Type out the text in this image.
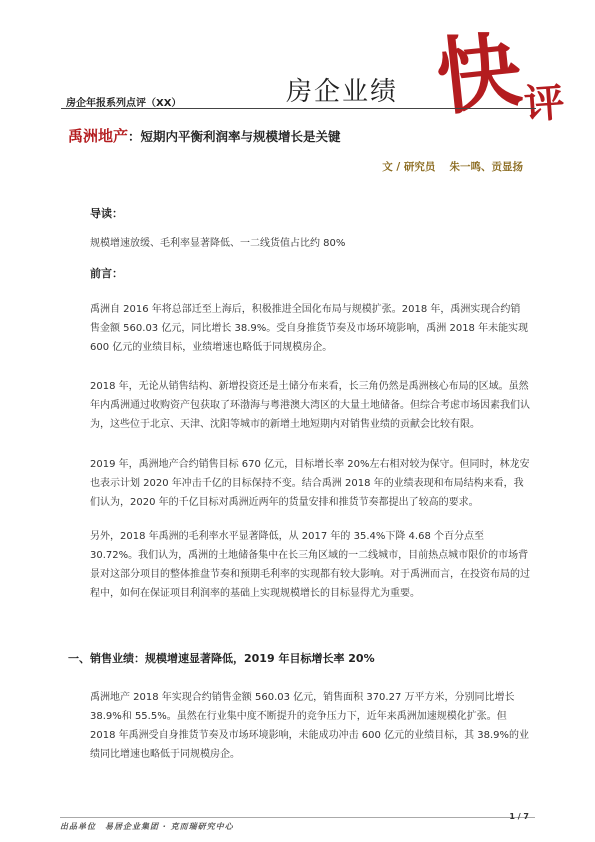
快
评
房企业绩
房企年报系列点评（XX）
禹洲地产：短期内平衡利润率与规模增长是关键
文 / 研究员　 朱一鸣、贡显扬
导读：
规模增速放缓、毛利率显著降低、一二线货值占比约 80%
前言：
禹洲自 2016 年将总部迁至上海后，积极推进全国化布局与规模扩张。2018 年，禹洲实现合约销售金额 560.03 亿元，同比增长 38.9%。受自身推货节奏及市场环境影响，禹洲 2018 年未能实现 600 亿元的业绩目标，业绩增速也略低于同规模房企。
2018 年，无论从销售结构、新增投资还是土储分布来看，长三角仍然是禹洲核心布局的区域。虽然年内禹洲通过收购资产包获取了环渤海与粤港澳大湾区的大量土地储备。但综合考虑市场因素我们认为，这些位于北京、天津、沈阳等城市的新增土地短期内对销售业绩的贡献会比较有限。
2019 年，禹洲地产合约销售目标 670 亿元，目标增长率 20%左右相对较为保守。但同时，林龙安也表示计划 2020 年冲击千亿的目标保持不变。结合禹洲 2018 年的业绩表现和布局结构来看，我们认为，2020 年的千亿目标对禹洲近两年的货量安排和推货节奏都提出了较高的要求。
另外，2018 年禹洲的毛利率水平显著降低，从 2017 年的 35.4%下降 4.68 个百分点至 30.72%。我们认为，禹洲的土地储备集中在长三角区域的一二线城市，目前热点城市限价的市场背景对这部分项目的整体推盘节奏和预期毛利率的实现都有较大影响。对于禹洲而言，在投资布局的过程中，如何在保证项目利润率的基础上实现规模增长的目标显得尤为重要。
一、销售业绩：规模增速显著降低，2019 年目标增长率 20%
禹洲地产 2018 年实现合约销售金额 560.03 亿元，销售面积 370.27 万平方米，分别同比增长 38.9%和 55.5%。虽然在行业集中度不断提升的竞争压力下，近年来禹洲加速规模化扩张。但 2018 年禹洲受自身推货节奏及市场环境影响，未能成功冲击 600 亿元的业绩目标，其 38.9%的业绩同比增速也略低于同规模房企。
1 / 7
出品单位　易居企业集团 · 克而瑞研究中心
